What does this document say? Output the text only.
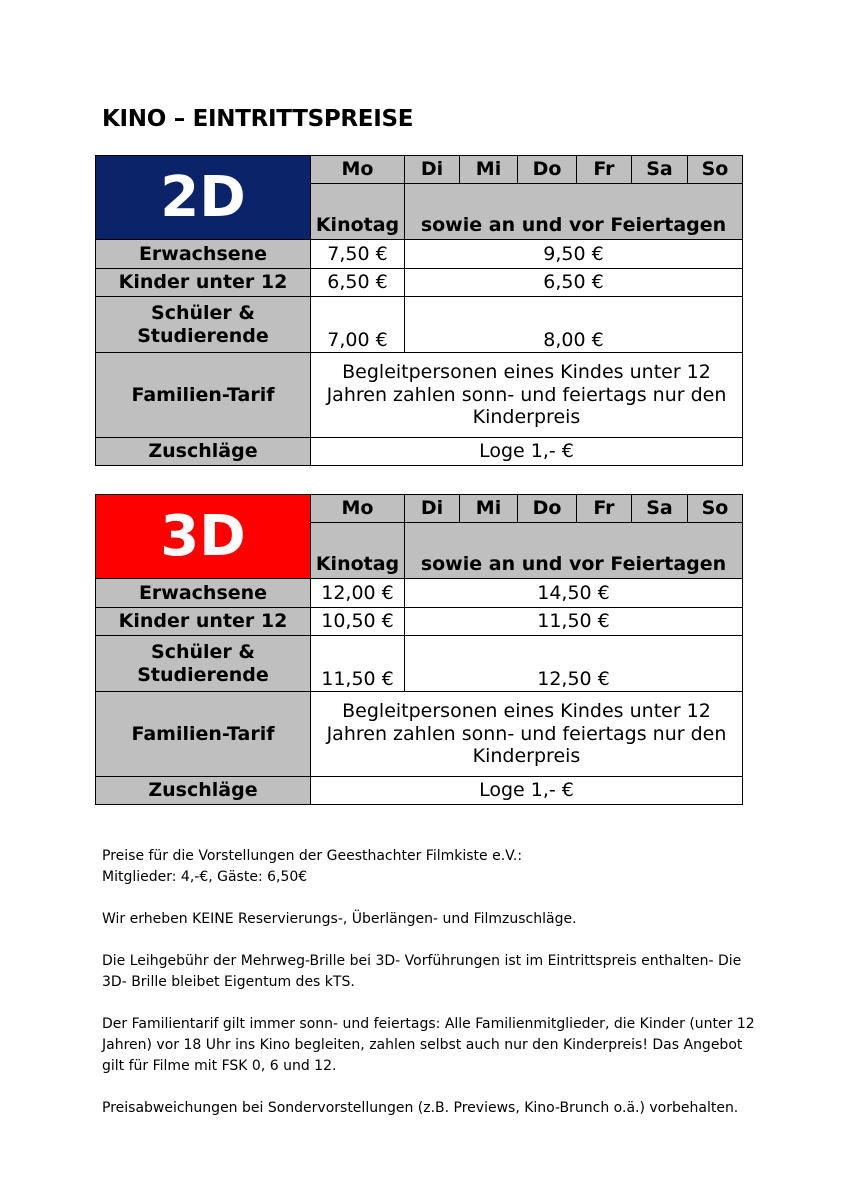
KINO – EINTRITTSPREISE
2D	Mo	Di	Mi	Do	Fr	Sa	So
	Kinotag	sowie an und vor Feiertagen					
Erwachsene	7,50 €	9,50 €					
Kinder unter 12	6,50 €	6,50 €					

Schüler &
Studierende	7,00 €	8,00 €					
Familien-Tarif	Begleitpersonen eines Kindes unter 12
Jahren zahlen sonn- und feiertags nur den
Kinderpreis						

Zuschläge	Loge 1,- €						
3D	Mo	Di	Mi	Do	Fr	Sa	So
	Kinotag	sowie an und vor Feiertagen					
Erwachsene	12,00 €	14,50 €					
Kinder unter 12	10,50 €	11,50 €					

Schüler &
Studierende	11,50 €	12,50 €					
Familien-Tarif	Begleitpersonen eines Kindes unter 12
Jahren zahlen sonn- und feiertags nur den
Kinderpreis						

Zuschläge	Loge 1,- €						

Preise für die Vorstellungen der Geesthachter Filmkiste e.V.:
Mitglieder: 4,-€, Gäste: 6,50€

Wir erheben KEINE Reservierungs-, Überlängen- und Filmzuschläge.

Die Leihgebühr der Mehrweg-Brille bei 3D- Vorführungen ist im Eintrittspreis enthalten- Die 3D- Brille bleibet Eigentum des kTS.

Der Familientarif gilt immer sonn- und feiertags: Alle Familienmitglieder, die Kinder (unter 12 Jahren) vor 18 Uhr ins Kino begleiten, zahlen selbst auch nur den Kinderpreis! Das Angebot gilt für Filme mit FSK 0, 6 und 12.

Preisabweichungen bei Sondervorstellungen (z.B. Previews, Kino-Brunch o.ä.) vorbehalten.
